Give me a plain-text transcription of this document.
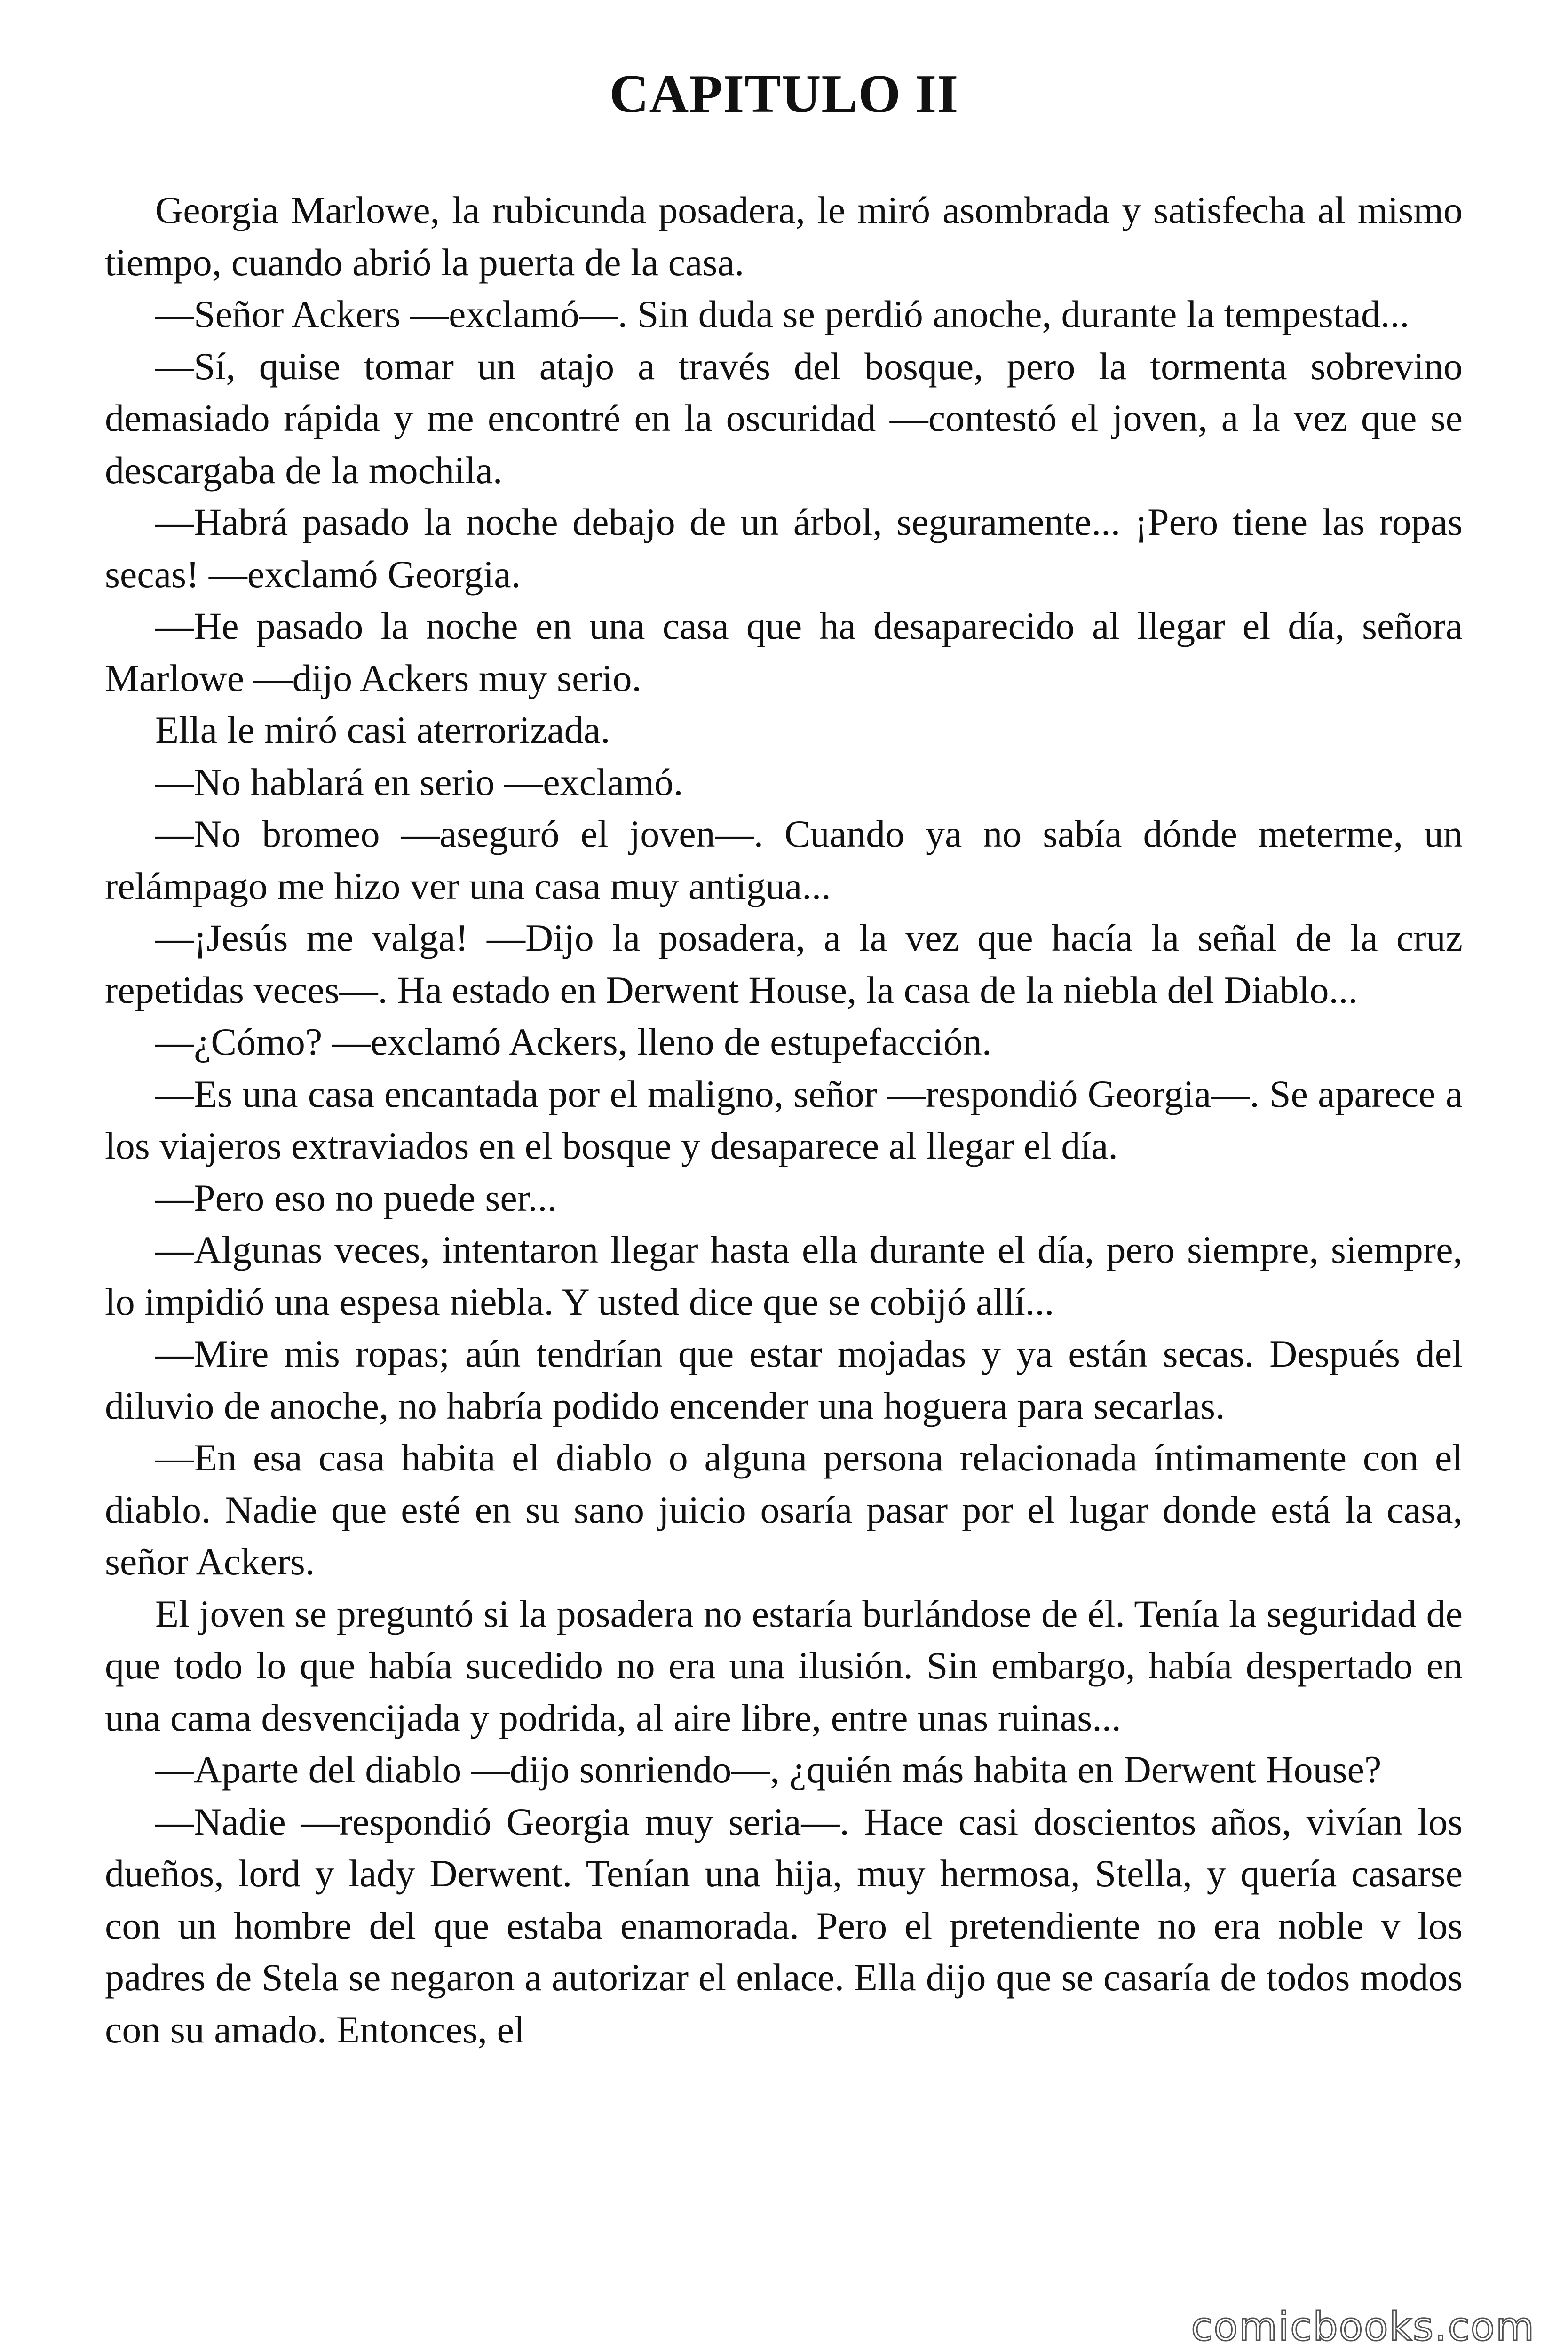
CAPITULO II

Georgia Marlowe, la rubicunda posadera, le miró asombrada y satisfecha al mismo tiempo, cuando abrió la puerta de la casa.

—Señor Ackers —exclamó—. Sin duda se perdió anoche, durante la tempestad...

—Sí, quise tomar un atajo a través del bosque, pero la tormenta sobrevino demasiado rápida y me encontré en la oscuridad —contestó el joven, a la vez que se descargaba de la mochila.

—Habrá pasado la noche debajo de un árbol, seguramente... ¡Pero tiene las ropas secas! —exclamó Georgia.

—He pasado la noche en una casa que ha desaparecido al llegar el día, señora Marlowe —dijo Ackers muy serio.

Ella le miró casi aterrorizada.

—No hablará en serio —exclamó.

—No bromeo —aseguró el joven—. Cuando ya no sabía dónde meterme, un relámpago me hizo ver una casa muy antigua...

—¡Jesús me valga! —Dijo la posadera, a la vez que hacía la señal de la cruz repetidas veces—. Ha estado en Derwent House, la casa de la niebla del Diablo...

—¿Cómo? —exclamó Ackers, lleno de estupefacción.

—Es una casa encantada por el maligno, señor —respondió Georgia—. Se aparece a los viajeros extraviados en el bosque y desaparece al llegar el día.

—Pero eso no puede ser...

—Algunas veces, intentaron llegar hasta ella durante el día, pero siempre, siempre, lo impidió una espesa niebla. Y usted dice que se cobijó allí...

—Mire mis ropas; aún tendrían que estar mojadas y ya están secas. Después del diluvio de anoche, no habría podido encender una hoguera para secarlas.

—En esa casa habita el diablo o alguna persona relacionada íntimamente con el diablo. Nadie que esté en su sano juicio osaría pasar por el lugar donde está la casa, señor Ackers.

El joven se preguntó si la posadera no estaría burlándose de él. Tenía la seguridad de que todo lo que había sucedido no era una ilusión. Sin embargo, había despertado en una cama desvencijada y podrida, al aire libre, entre unas ruinas...

—Aparte del diablo —dijo sonriendo—, ¿quién más habita en Derwent House?

—Nadie —respondió Georgia muy seria—. Hace casi doscientos años, vivían los dueños, lord y lady Derwent. Tenían una hija, muy hermosa, Stella, y quería casarse con un hombre del que estaba enamorada. Pero el pretendiente no era noble v los padres de Stela se negaron a autorizar el enlace. Ella dijo que se casaría de todos modos con su amado. Entonces, el

comicbooks.com
